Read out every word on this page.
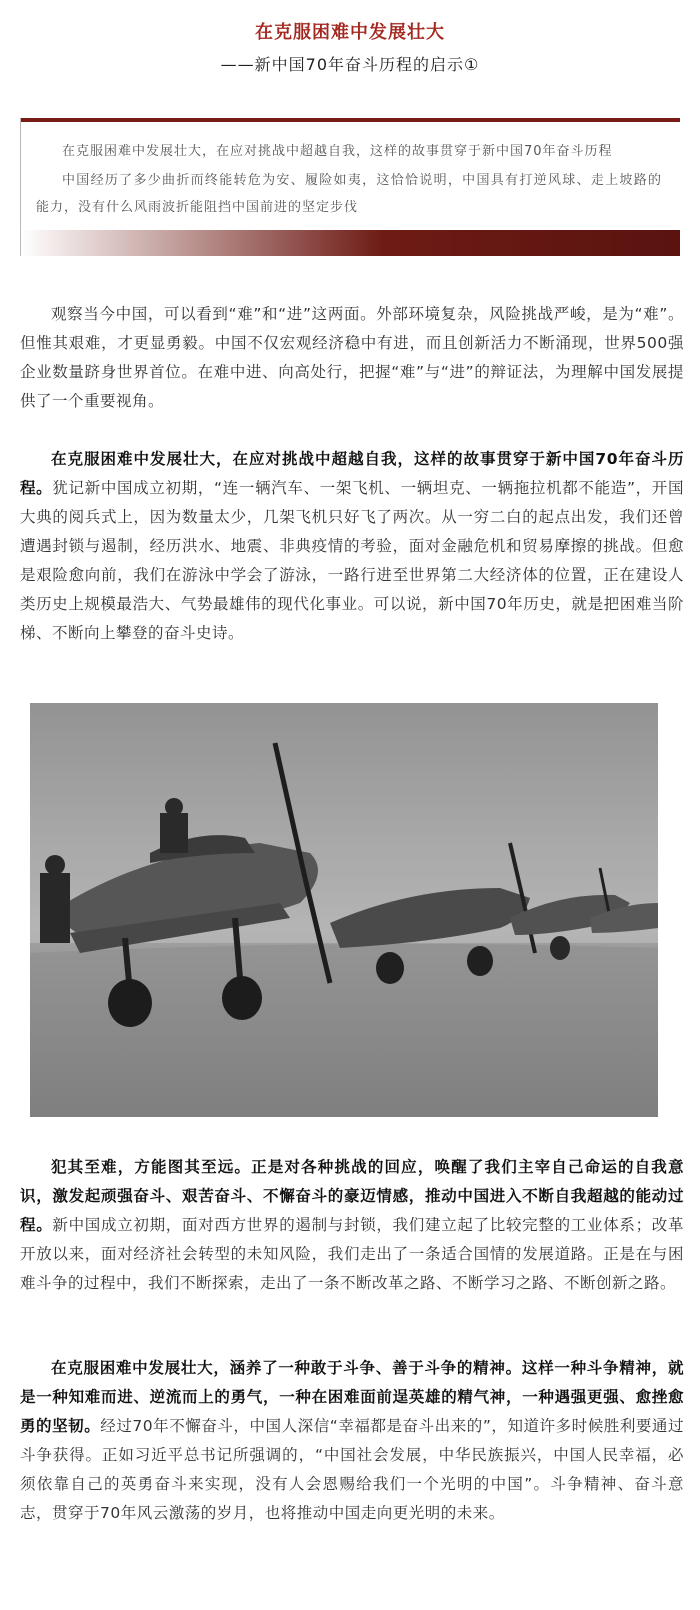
在克服困难中发展壮大
——新中国70年奋斗历程的启示①

在克服困难中发展壮大，在应对挑战中超越自我，这样的故事贯穿于新中国70年奋斗历程

中国经历了多少曲折而终能转危为安、履险如夷，这恰恰说明，中国具有打逆风球、走上坡路的能力，没有什么风雨波折能阻挡中国前进的坚定步伐

观察当今中国，可以看到“难”和“进”这两面。外部环境复杂，风险挑战严峻，是为“难”。但惟其艰难，才更显勇毅。中国不仅宏观经济稳中有进，而且创新活力不断涌现，世界500强企业数量跻身世界首位。在难中进、向高处行，把握“难”与“进”的辩证法，为理解中国发展提供了一个重要视角。

在克服困难中发展壮大，在应对挑战中超越自我，这样的故事贯穿于新中国70年奋斗历程。犹记新中国成立初期，“连一辆汽车、一架飞机、一辆坦克、一辆拖拉机都不能造”，开国大典的阅兵式上，因为数量太少，几架飞机只好飞了两次。从一穷二白的起点出发，我们还曾遭遇封锁与遏制，经历洪水、地震、非典疫情的考验，面对金融危机和贸易摩擦的挑战。但愈是艰险愈向前，我们在游泳中学会了游泳，一路行进至世界第二大经济体的位置，正在建设人类历史上规模最浩大、气势最雄伟的现代化事业。可以说，新中国70年历史，就是把困难当阶梯、不断向上攀登的奋斗史诗。

犯其至难，方能图其至远。正是对各种挑战的回应，唤醒了我们主宰自己命运的自我意识，激发起顽强奋斗、艰苦奋斗、不懈奋斗的豪迈情感，推动中国进入不断自我超越的能动过程。新中国成立初期，面对西方世界的遏制与封锁，我们建立起了比较完整的工业体系；改革开放以来，面对经济社会转型的未知风险，我们走出了一条适合国情的发展道路。正是在与困难斗争的过程中，我们不断探索，走出了一条不断改革之路、不断学习之路、不断创新之路。

在克服困难中发展壮大，涵养了一种敢于斗争、善于斗争的精神。这样一种斗争精神，就是一种知难而进、逆流而上的勇气，一种在困难面前逞英雄的精气神，一种遇强更强、愈挫愈勇的坚韧。经过70年不懈奋斗，中国人深信“幸福都是奋斗出来的”，知道许多时候胜利要通过斗争获得。正如习近平总书记所强调的，“中国社会发展，中华民族振兴，中国人民幸福，必须依靠自己的英勇奋斗来实现，没有人会恩赐给我们一个光明的中国”。斗争精神、奋斗意志，贯穿于70年风云激荡的岁月，也将推动中国走向更光明的未来。
